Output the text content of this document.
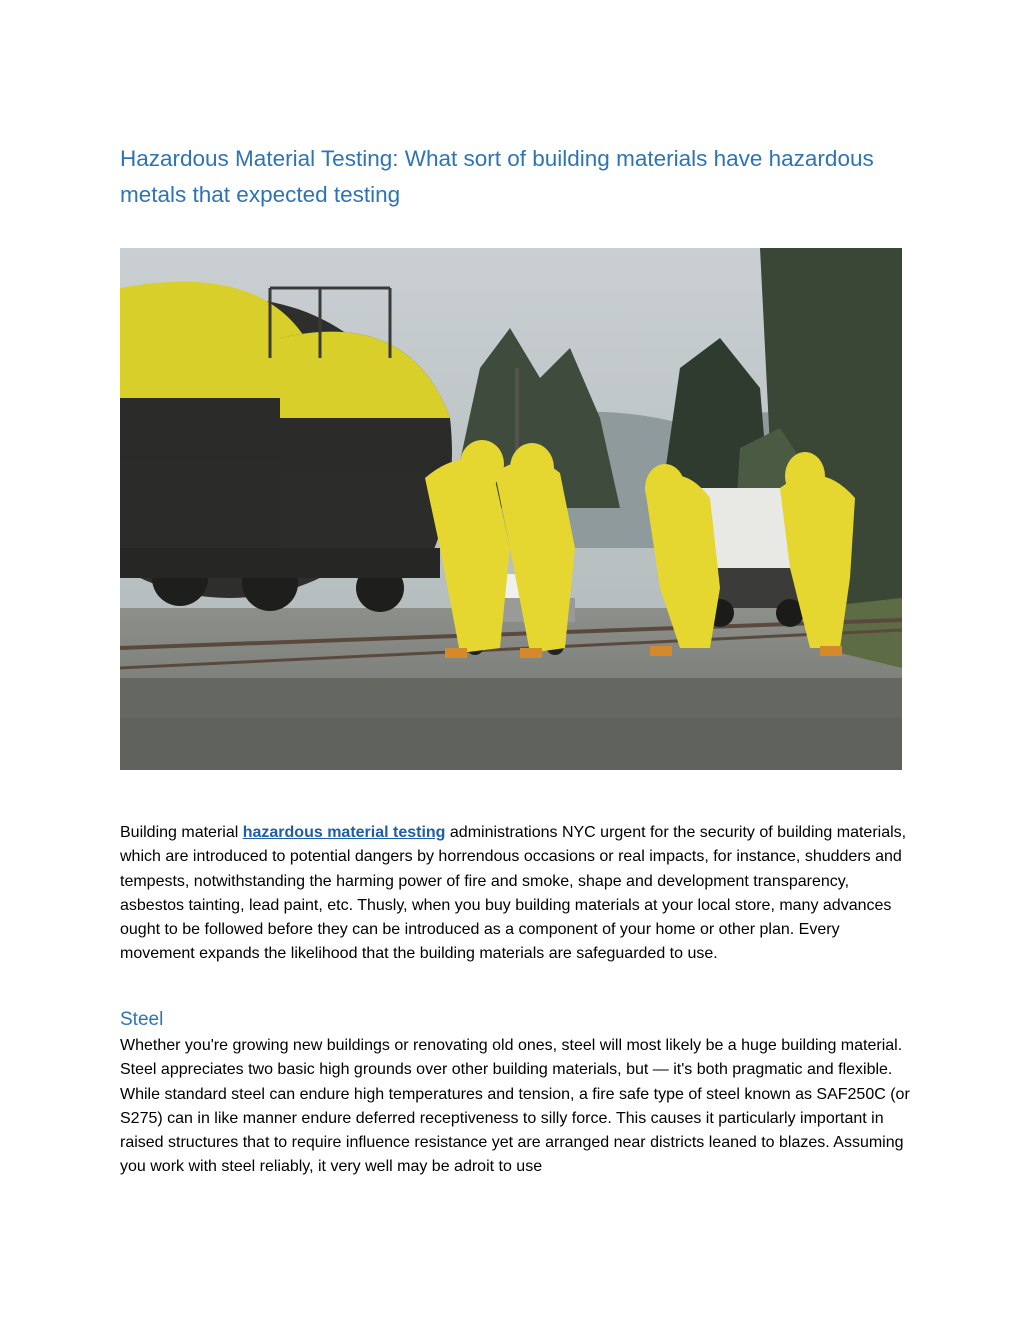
Hazardous Material Testing: What sort of building materials have hazardous metals that expected testing

Building material hazardous material testing administrations NYC urgent for the security of building materials, which are introduced to potential dangers by horrendous occasions or real impacts, for instance, shudders and tempests, notwithstanding the harming power of fire and smoke, shape and development transparency, asbestos tainting, lead paint, etc. Thusly, when you buy building materials at your local store, many advances ought to be followed before they can be introduced as a component of your home or other plan. Every movement expands the likelihood that the building materials are safeguarded to use.

Steel

Whether you're growing new buildings or renovating old ones, steel will most likely be a huge building material. Steel appreciates two basic high grounds over other building materials, but — it's both pragmatic and flexible. While standard steel can endure high temperatures and tension, a fire safe type of steel known as SAF250C (or S275) can in like manner endure deferred receptiveness to silly force. This causes it particularly important in raised structures that to require influence resistance yet are arranged near districts leaned to blazes. Assuming you work with steel reliably, it very well may be adroit to use
